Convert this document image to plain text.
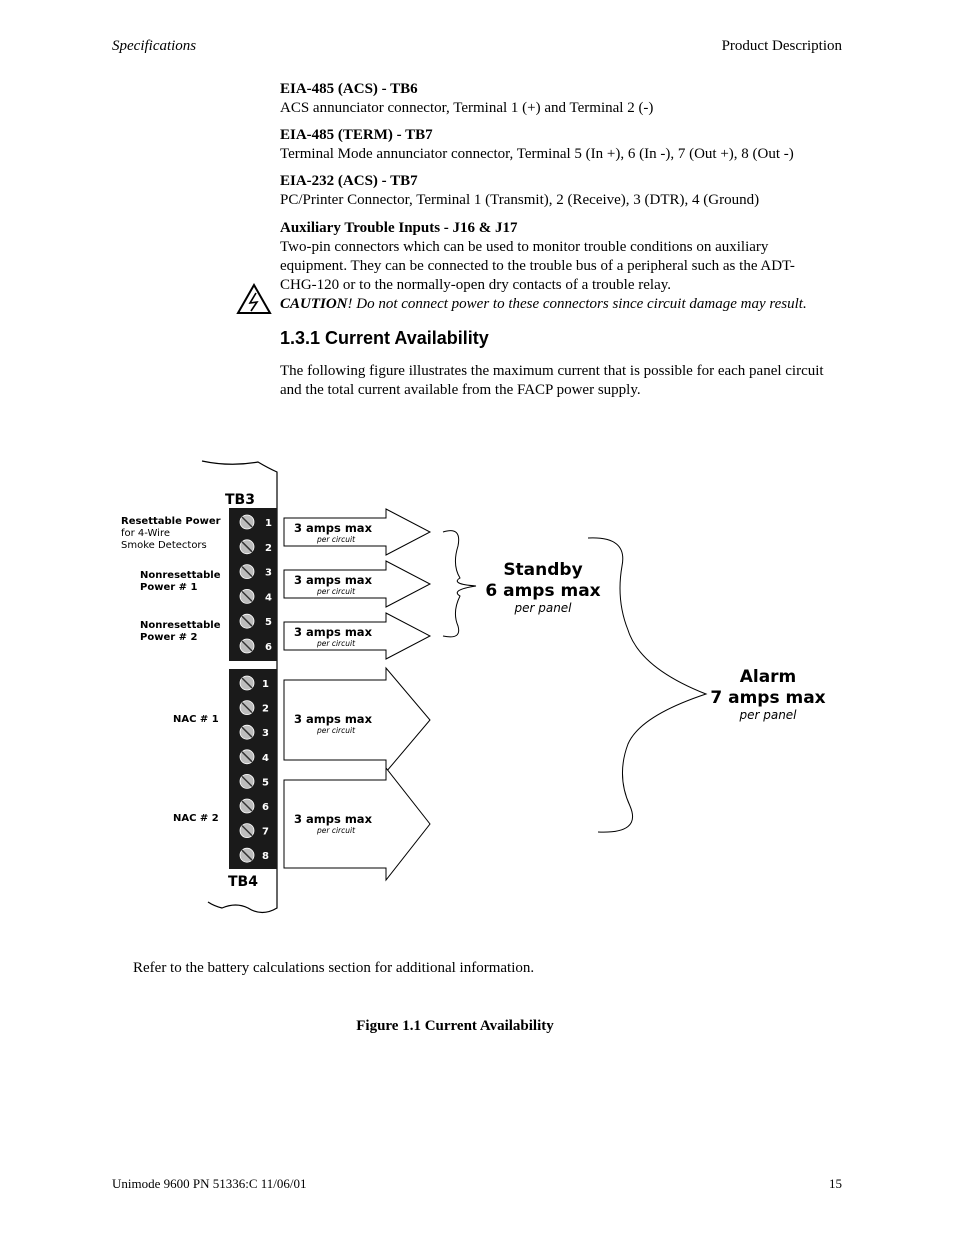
Specifications	Product Description
EIA-485 (ACS) - TB6
ACS annunciator connector, Terminal 1 (+) and Terminal 2 (-)
EIA-485 (TERM) - TB7
Terminal Mode annunciator connector, Terminal 5 (In +), 6 (In -), 7 (Out +), 8 (Out -)
EIA-232 (ACS) - TB7
PC/Printer Connector, Terminal 1 (Transmit), 2 (Receive), 3 (DTR), 4 (Ground)
Auxiliary Trouble Inputs - J16 & J17
Two-pin connectors which can be used to monitor trouble conditions on auxiliary
equipment. They can be connected to the trouble bus of a peripheral such as the ADT-
CHG-120 or to the normally-open dry contacts of a trouble relay.
CAUTION! Do not connect power to these connectors since circuit damage may result.
1.3.1 Current Availability
The following figure illustrates the maximum current that is possible for each panel circuit
and the total current available from the FACP power supply.
1
2
3
4
5
6
1
2
3
4
5
6
7
8
TB3
TB4
Resettable Power
for 4-Wire
Smoke Detectors
Nonresettable
Power # 1
Nonresettable
Power # 2
NAC # 1
NAC # 2
3 amps max
3 amps max
3 amps max
3 amps max
3 amps max
per circuit
per circuit
per circuit
per circuit
per circuit
Standby
6 amps max
per panel
Alarm
7 amps max
per panel
Refer to the battery calculations section for additional information.
Figure 1.1 Current Availability
Unimode 9600 PN 51336:C 11/06/01	15
